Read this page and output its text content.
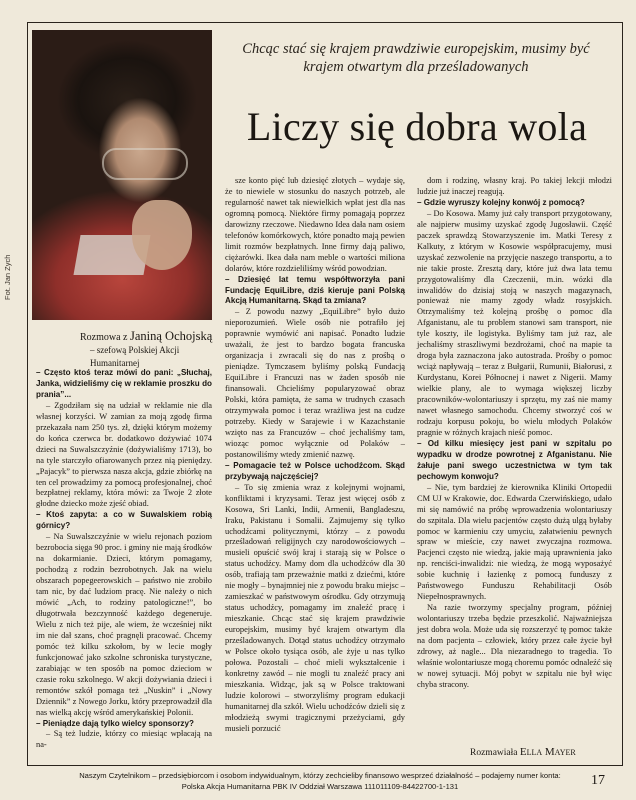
Fot. Jan Zych
Chcąc stać się krajem prawdziwie europejskim, musimy być krajem otwartym dla prześladowanych
Liczy się dobra wola
Rozmowa z Janiną Ochojską
– szefową Polskiej Akcji Humanitarnej

– Często ktoś teraz mówi do pani: „Słuchaj, Janka, widzieliśmy cię w reklamie proszku do prania”...

– Zgodziłam się na udział w reklamie nie dla własnej korzyści. W zamian za moją zgodę firma przekazała nam 250 tys. zł, dzięki którym możemy do końca czerwca br. dodatkowo dożywiać 1074 dzieci na Suwalszczyźnie (dożywialiśmy 1713), bo na tyle starczyło ofiarowanych przez nią pieniędzy. „Pajacyk” to pierwsza nasza akcja, gdzie zbiórkę na ten cel prowadzimy za pomocą profesjonalnej, choć bezpłatnej reklamy, która mówi: za Twoje 2 złote głodne dziecko może zjeść obiad.

– Ktoś zapyta: a co w Suwalskiem robią górnicy?

– Na Suwalszczyźnie w wielu rejonach poziom bezrobocia sięga 90 proc. i gminy nie mają środków na dokarmianie. Dzieci, którym pomagamy, pochodzą z rodzin bezrobotnych. Jak na wielu obszarach popegeerowskich – państwo nie zrobiło tam nic, by dać ludziom pracę. Nie należy o nich mówić „Ach, to rodziny patologiczne!”, bo długotrwała bezczynność każdego degeneruje. Wielu z nich też pije, ale wiem, że wcześniej nikt im nie dał szans, choć pragnęli pracować. Chcemy pomóc też kilku szkołom, by w lecie mogły funkcjonować jako szkolne schroniska turystyczne, zarabiając w ten sposób na pomoc dzieciom w czasie roku szkolnego. W akcji dożywiania dzieci i remontów szkół pomaga też „Nuskin” i „Nowy Dziennik” z Nowego Jorku, który przeprowadził dla nas wielką akcję wśród amerykańskiej Polonii.

– Pieniądze dają tylko wielcy sponsorzy?

– Są też ludzie, którzy co miesiąc wpłacają na na-

sze konto pięć lub dziesięć złotych – wydaje się, że to niewiele w stosunku do naszych potrzeb, ale regularność nawet tak niewielkich wpłat jest dla nas ogromną pomocą. Niektóre firmy pomagają poprzez darowizny rzeczowe. Niedawno Idea dała nam osiem telefonów komórkowych, które ponadto mają pewien limit rozmów bezpłatnych. Inne firmy dają paliwo, ciężarówki. Ikea dała nam meble o wartości miliona dolarów, które rozdzieliliśmy wśród powodzian.

– Dziesięć lat temu współtworzyła pani Fundację EquiLibre, dziś kieruje pani Polską Akcją Humanitarną. Skąd ta zmiana?

– Z powodu nazwy „EquiLibre” było dużo nieporozumień. Wiele osób nie potrafiło jej poprawnie wymówić ani napisać. Ponadto ludzie uważali, że jest to bardzo bogata francuska organizacja i zwracali się do nas z prośbą o pieniądze. Tymczasem byliśmy polską Fundacją EquiLibre i Francuzi nas w żaden sposób nie finansowali. Chcieliśmy popularyzować obraz Polski, która pamięta, że sama w trudnych czasach otrzymywała pomoc i teraz wrażliwa jest na cudze potrzeby. Kiedy w Sarajewie i w Kazachstanie wzięto nas za Francuzów – choć jechaliśmy tam, wioząc pomoc wyłącznie od Polaków – postanowiliśmy wtedy zmienić nazwę.

– Pomagacie też w Polsce uchodźcom. Skąd przybywają najczęściej?

– To się zmienia wraz z kolejnymi wojnami, konfliktami i kryzysami. Teraz jest więcej osób z Kosowa, Sri Lanki, Indii, Armenii, Bangladeszu, Iraku, Pakistanu i Somalii. Zajmujemy się tylko uchodźcami politycznymi, którzy – z powodu prześladowań religijnych czy narodowościowych – musieli opuścić swój kraj i starają się w Polsce o status uchodźcy. Mamy dom dla uchodźców dla 30 osób, trafiają tam przeważnie matki z dziećmi, które nie mogły – bynajmniej nie z powodu braku miejsc – zamieszkać w państwowym ośrodku. Gdy otrzymują status uchodźcy, pomagamy im znaleźć pracę i mieszkanie. Chcąc stać się krajem prawdziwie europejskim, musimy być krajem otwartym dla prześladowanych. Dotąd status uchodźcy otrzymało w Polsce około tysiąca osób, ale żyje u nas tylko połowa. Pozostali – choć mieli wykształcenie i konkretny zawód – nie mogli tu znaleźć pracy ani mieszkania. Widząc, jak są w Polsce traktowani ludzie kolorowi – stworzyliśmy program edukacji humanitarnej dla szkół. Wielu uchodźców dzieli się z młodzieżą swymi tragicznymi przeżyciami, gdy musieli porzucić

dom i rodzinę, własny kraj. Po takiej lekcji młodzi ludzie już inaczej reagują.

– Gdzie wyruszy kolejny konwój z pomocą?

– Do Kosowa. Mamy już cały transport przygotowany, ale najpierw musimy uzyskać zgodę Jugosławii. Część paczek sprawdzą Stowarzyszenie im. Matki Teresy z Kalkuty, z którym w Kosowie współpracujemy, musi uzyskać zezwolenie na przyjęcie naszego transportu, a to nie takie proste. Zresztą dary, które już dwa lata temu przygotowaliśmy dla Czeczenii, m.in. wózki dla inwalidów do dzisiaj stoją w naszych magazynach, ponieważ nie mamy zgody władz rosyjskich. Otrzymaliśmy też kolejną prośbę o pomoc dla Afganistanu, ale tu problem stanowi sam transport, nie tyle koszty, ile logistyka. Byliśmy tam już raz, ale jechaliśmy straszliwymi bezdrożami, choć na mapie ta droga była zaznaczona jako autostrada. Prośby o pomoc wciąż napływają – teraz z Bułgarii, Rumunii, Białorusi, z Kurdystanu, Korei Północnej i nawet z Nigerii. Mamy wielkie plany, ale to wymaga większej liczby pracowników-wolontariuszy i sprzętu, my zaś nie mamy nawet własnego samochodu. Chcemy stworzyć coś w rodzaju korpusu pokoju, bo wielu młodych Polaków pragnie w różnych krajach nieść pomoc.

– Od kilku miesięcy jest pani w szpitalu po wypadku w drodze powrotnej z Afganistanu. Nie żałuje pani swego uczestnictwa w tym tak pechowym konwoju?

– Nie, tym bardziej że kierownika Kliniki Ortopedii CM UJ w Krakowie, doc. Edwarda Czerwińskiego, udało mi się namówić na próbę wprowadzenia wolontariuszy do szpitala. Dla wielu pacjentów często dużą ulgą byłaby pomoc w karmieniu czy umyciu, załatwieniu pewnych spraw w mieście, czy nawet zwyczajna rozmowa. Pacjenci często nie wiedzą, jakie mają uprawnienia jako np. renciści-inwalidzi: nie wiedzą, że mogą wyposażyć sobie kuchnię i łazienkę z pomocą funduszy z Państwowego Funduszu Rehabilitacji Osób Niepełnosprawnych.

Na razie tworzymy specjalny program, później wolontariuszy trzeba będzie przeszkolić. Najważniejsza jest dobra wola. Może uda się rozszerzyć tę pomoc także na dom pacjenta – człowiek, który przez całe życie był zdrowy, aż nagle... Dla niezaradnego to tragedia. To właśnie wolontariusze mogą choremu pomóc odnaleźć się w nowej sytuacji. Mój pobyt w szpitalu nie był więc chyba stracony.

Rozmawiała Ella Mayer
Naszym Czytelnikom – przedsiębiorcom i osobom indywidualnym, którzy zechcieliby finansowo wesprzeć działalność – podajemy numer konta:
Polska Akcja Humanitarna PBK IV Oddział Warszawa 111011109-84422700-1-131	17
